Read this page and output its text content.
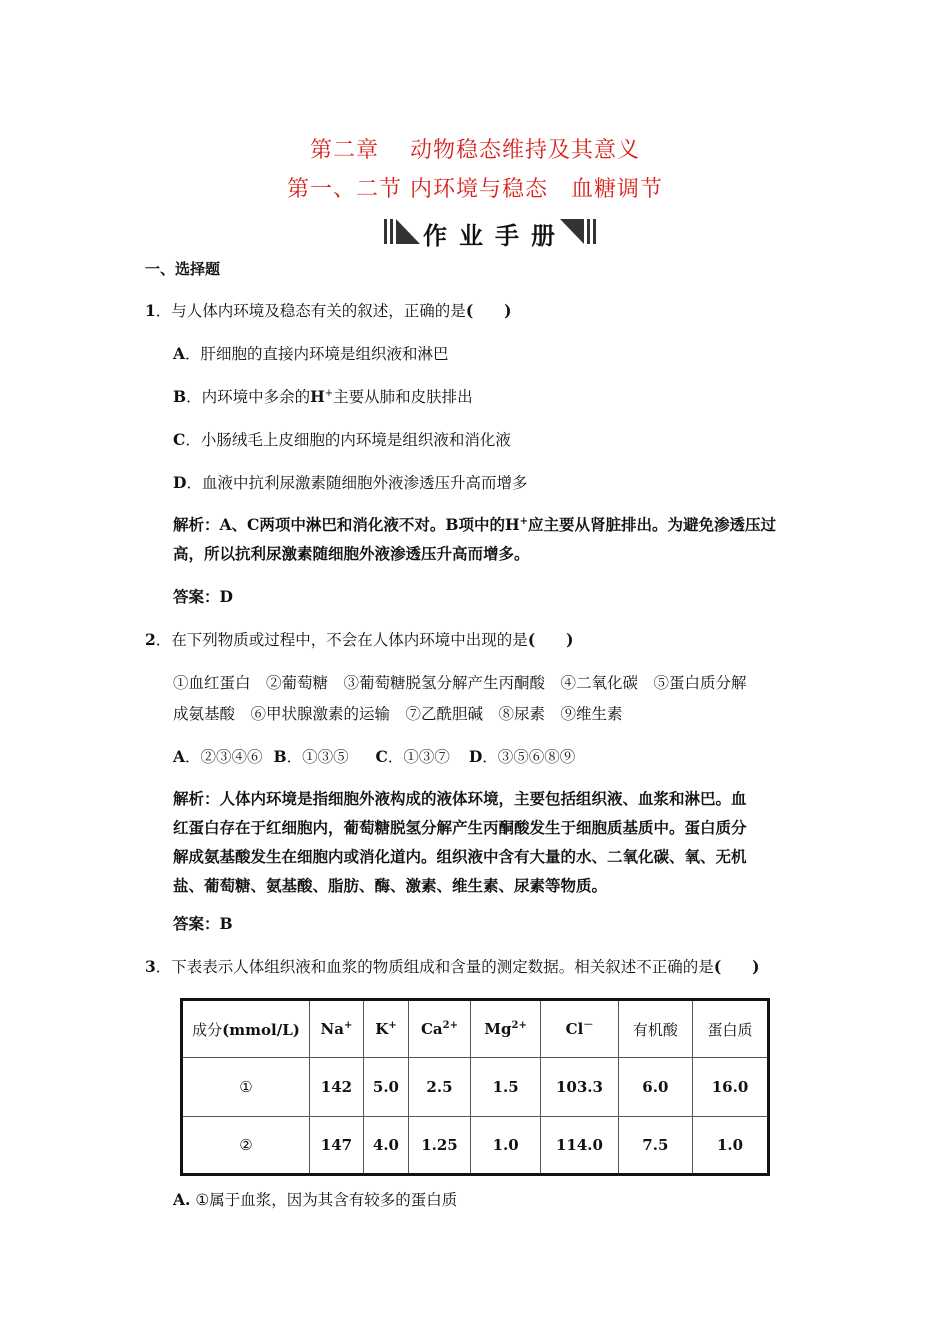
第二章　 动物稳态维持及其意义
第一、二节 内环境与稳态　血糖调节
作业手册
一、选择题
1．与人体内环境及稳态有关的叙述，正确的是(　　)
A．肝细胞的直接内环境是组织液和淋巴
B．内环境中多余的H+主要从肺和皮肤排出
C．小肠绒毛上皮细胞的内环境是组织液和消化液
D．血液中抗利尿激素随细胞外液渗透压升高而增多
解析：A、C两项中淋巴和消化液不对。B项中的H+应主要从肾脏排出。为避免渗透压过高，所以抗利尿激素随细胞外液渗透压升高而增多。
答案：D
2．在下列物质或过程中，不会在人体内环境中出现的是(　　)
①血红蛋白　②葡萄糖　③葡萄糖脱氢分解产生丙酮酸　④二氧化碳　⑤蛋白质分解
成氨基酸　⑥甲状腺激素的运输　⑦乙酰胆碱　⑧尿素　⑨维生素
A．②③④⑥ B．①③⑤ C．①③⑦ D．③⑤⑥⑧⑨
解析：人体内环境是指细胞外液构成的液体环境，主要包括组织液、血浆和淋巴。血
红蛋白存在于红细胞内，葡萄糖脱氢分解产生丙酮酸发生于细胞质基质中。蛋白质分
解成氨基酸发生在细胞内或消化道内。组织液中含有大量的水、二氧化碳、氧、无机
盐、葡萄糖、氨基酸、脂肪、酶、激素、维生素、尿素等物质。
答案：B
3．下表表示人体组织液和血浆的物质组成和含量的测定数据。相关叙述不正确的是(　　)
成分(mmol/L)	Na+	K+	$Ca^{2+}$	$Mg^{2+}$	Cl－	有机酸	蛋白质
①	142	5.0	2.5	1.5	103.3	6.0	16.0
②	147	4.0	1.25	1.0	114.0	7.5	1.0
A. ①属于血浆，因为其含有较多的蛋白质
